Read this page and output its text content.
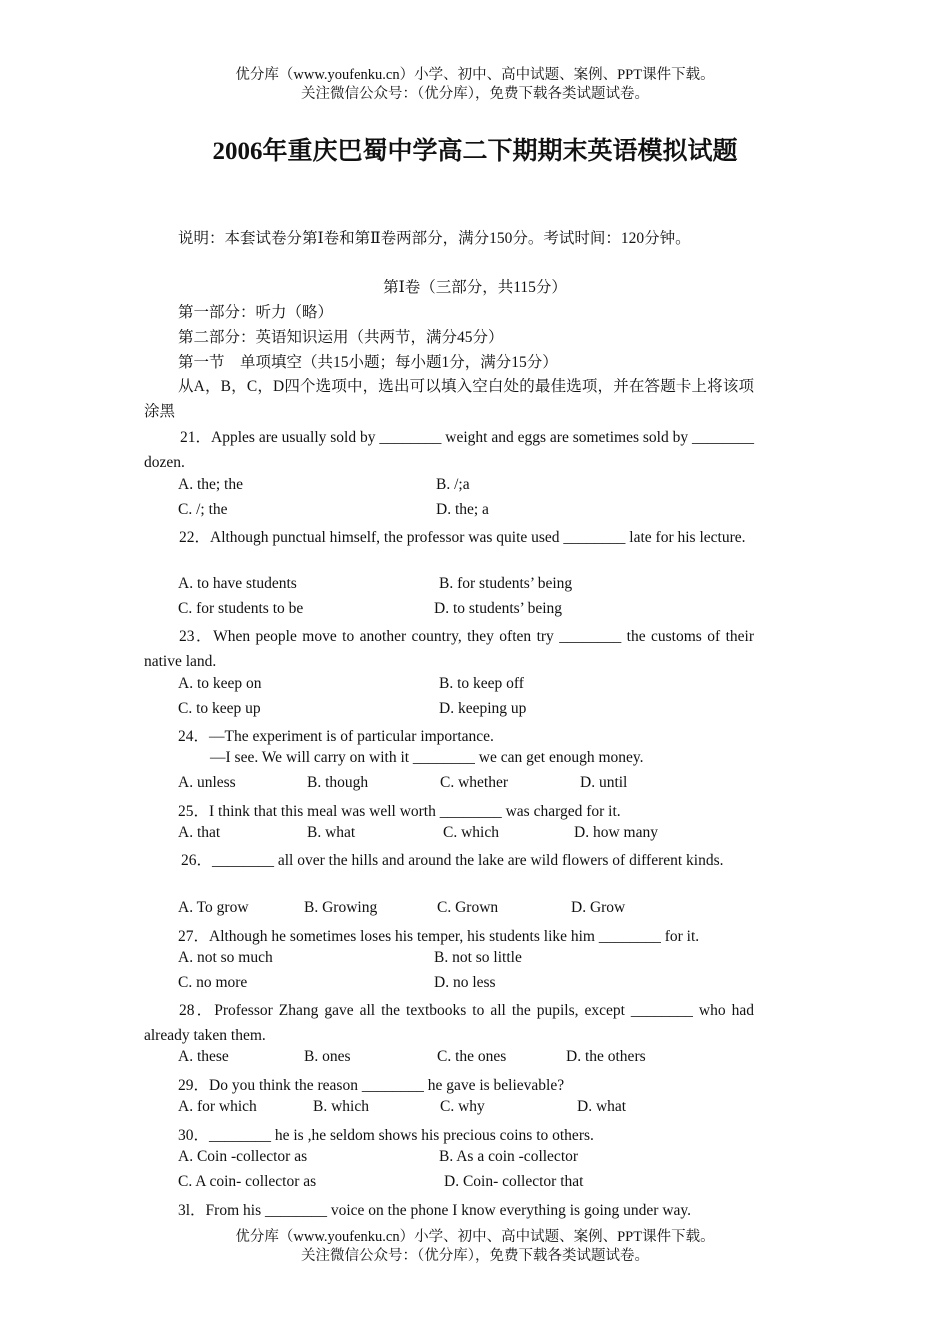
优分库（www.youfenku.cn）小学、初中、高中试题、案例、PPT课件下载。
关注微信公众号：（优分库），免费下载各类试题试卷。
2006年重庆巴蜀中学高二下期期末英语模拟试题
说明：本套试卷分第Ⅰ卷和第Ⅱ卷两部分，满分150分。考试时间：120分钟。
第Ⅰ卷（三部分，共115分）
第一部分：听力（略）
第二部分：英语知识运用（共两节，满分45分）
第一节　单项填空（共15小题；每小题1分，满分15分）
从A，B，C，D四个选项中，选出可以填入空白处的最佳选项，并在答题卡上将该项涂黑
21．Apples are usually sold by ________ weight and eggs are sometimes sold by ________ dozen.
A. the; the	B. /;a
C. /; the	D. the; a
22．Although punctual himself, the professor was quite used ________ late for his lecture.
A. to have students	B. for students’ being
C. for students to be	D. to students’ being
23．When people move to another country, they often try ________ the customs of their native land.
A. to keep on	B. to keep off
C. to keep up	D. keeping up
24．—The experiment is of particular importance.
—I see. We will carry on with it ________ we can get enough money.
A. unless	B. though	C. whether	D. until
25．I think that this meal was well worth ________ was charged for it.
A. that	B. what	C. which	D. how many
26．________ all over the hills and around the lake are wild flowers of different kinds.
A. To grow	B. Growing	C. Grown	D. Grow
27．Although he sometimes loses his temper, his students like him ________ for it.
A. not so much	B. not so little
C. no more	D. no less
28．Professor Zhang gave all the textbooks to all the pupils, except ________ who had already taken them.
A. these	B. ones	C. the ones	D. the others
29．Do you think the reason ________ he gave is believable?
A. for which	B. which	C. why	D. what
30．________ he is ,he seldom shows his precious coins to others.
A. Coin -collector as	B. As a coin -collector
C. A coin- collector as	D. Coin- collector that
3l．From his ________ voice on the phone I know everything is going under way.
优分库（www.youfenku.cn）小学、初中、高中试题、案例、PPT课件下载。
关注微信公众号：（优分库），免费下载各类试题试卷。
